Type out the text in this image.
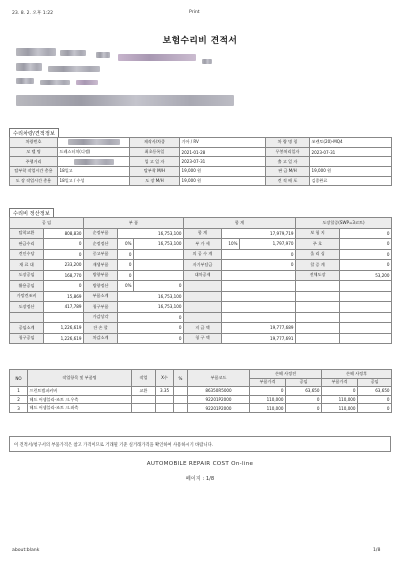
23. 8. 2. 오후 1:22	Print
about:blank	1/8
보험수리비 견적서
수리차량/견적정보
차량번호		제작사/차종	기아 / RV	차 량 명 칭	쏘렌토(20)-MQ4
모 델 명	드레스터치(디젤)	최초등록일	2021-01-28	무봉처리일자	2023-07-31
주행거리		입 고 일 자	2023-07-31	출 고 일 자	
탈부착 작업시간 총용	18일고	탈부착 M/H	19,000 원	판 금 M/H	19,000 원
도 장 작업시간 총용	18일고 / 수성	도 장 M/H	19,000 원	견 적 배 포	김종완료
수리비 정산정보
공 임		부 품			합 계			도장할증(SWP=3코트)	
탈착교환	808,830	순정부품	16,753,100		합 계	17,979,719		보 험 지	0
판금수리	0	순정정산	0%	16,753,100	부 가 세	10%	1,797,970	주 호	0
견인수당	0	중고부품	0		의 공 수 계	0		올 리 싱	0
재 료 대	233,200	재생부품	0		자기부담금	0		할 증 계	0
도장공임	168,770	방향부품	0		대차공제			전체도장	53,200
활용공임	0	방향정산	0%	0					
가망견조비	15,869	부품소계	16,753,100						
도장정산	417,789	청구부품	16,753,100						
		가감상각	0						
공임소계	1,226,619	잔 손 할	0		지 급 액	19,777,689			
청구공임	1,226,619	차감소계	0		청 구 액	19,777,691			
NO	작업항목 및 부품명	작업	X수	%	부품코드	손해 사정전		손해 사정후	
						부품가격	공임	부품가격	공임
1	프런트범퍼커버	교환	3.35		86350R5000	0	63,650	0	63,650
2	헤드 어셈블리-조트 크.우측				92201P2000	110,000	0	110,000	0
3	헤드 어셈블리-조트 크.좌측				92201P2000	110,000	0	110,000	0
이 견적서/청구서의 부품가격은 참고 가격이므로 거래될 기준 실거래가격을 확인하여 사용하시기 바랍니다.
AUTOMOBILE REPAIR COST On-line
페이지 : 1/8
